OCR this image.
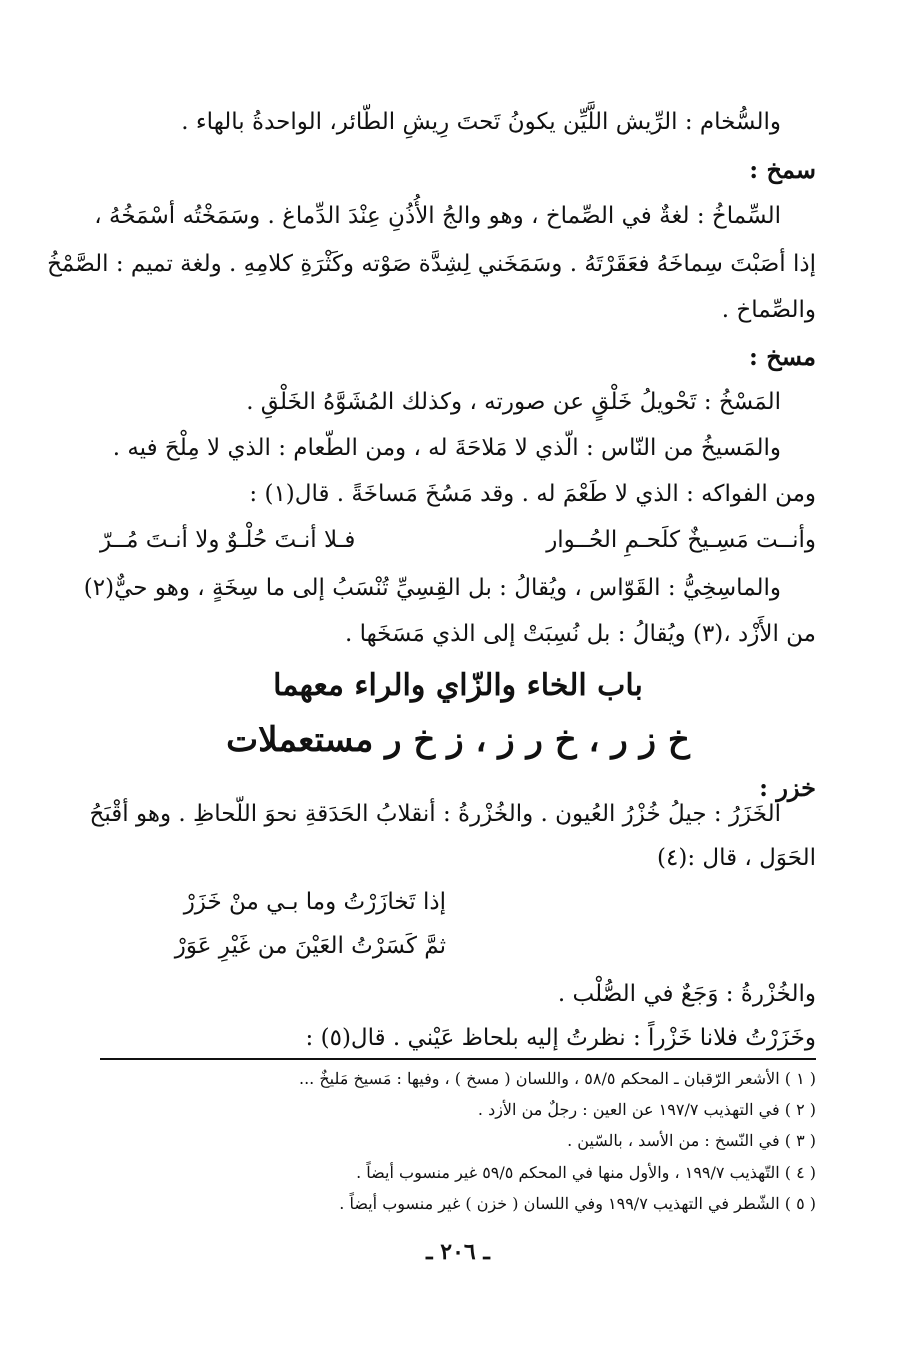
والسُّخام : الرِّيش اللَّيِّن يكونُ تَحتَ رِيشِ الطّائر، الواحدةُ بالهاء .
سمخ :
السِّماخُ : لغةٌ في الصِّماخ ، وهو والجُ الأُذُنِ عِنْدَ الدِّماغ . وسَمَخْتُه أسْمَخُهُ ،
إذا أصَبْتَ سِماخَهُ فعَقَرْتَهُ . وسَمَخَني لِشِدَّة صَوْته وكَثْرَةِ كلامِهِ . ولغة تميم : الصَّمْخُ
والصِّماخ .
مسخ :
المَسْخُ : تَحْويلُ خَلْقٍ عن صورته ، وكذلك المُشَوَّهُ الخَلْقِ .
والمَسيخُ من النّاس : الّذي لا مَلاحَةَ له ، ومن الطّعام : الذي لا مِلْحَ فيه .
ومن الفواكه : الذي لا طَعْمَ له . وقد مَسُخَ مَساخَةً . قال(١) :
وأنــت مَسِـيخٌ كلَحـمِ الحُــوار
فـلا أنـتَ حُلْـوٌ ولا أنـتَ مُــرّ
والماسِخِيُّ : القَوّاس ، ويُقالُ : بل القِسِيِّ تُنْسَبُ إلى ما سِخَةٍ ، وهو حيٌّ(٢)
من الأَزْد ،(٣) ويُقالُ : بل نُسِبَتْ إلى الذي مَسَخَها .
باب الخاء والزّاي والراء معهما
خ ز ر ، خ ر ز ، ز خ ر مستعملات
خزر :
الخَزَرُ : جيلُ خُزْرُ العُيون . والخُزْرةُ : أنقلابُ الحَدَقةِ نحوَ اللّحاظِ . وهو أقْبَحُ
الحَوَل ، قال :(٤)
إذا تَخازَرْتُ وما بـي منْ خَزَرْ
ثمَّ كَسَرْتُ العَيْنَ من غَيْرِ عَوَرْ
والخُزْرةُ : وَجَعٌ في الصُّلْب .
وخَزَرْتُ فلانا خَزْراً : نظرتُ إليه بلحاظ عَيْني . قال(٥) :
( ١ ) الأشعر الرّقبان ـ المحكم ٥٨/٥ ، واللسان ( مسخ ) ، وفيها : مَسيخ مَليخٌ ...
( ٢ ) في التهذيب ١٩٧/٧ عن العين : رجلٌ من الأزد .
( ٣ ) في النّسخ : من الأسد ، بالسّين .
( ٤ ) التّهذيب ١٩٩/٧ ، والأول منها في المحكم ٥٩/٥ غير منسوب أيضاً .
( ٥ ) الشّطر في التهذيب ١٩٩/٧ وفي اللسان ( خزن ) غير منسوب أيضاً .
ـ ٢٠٦ ـ
